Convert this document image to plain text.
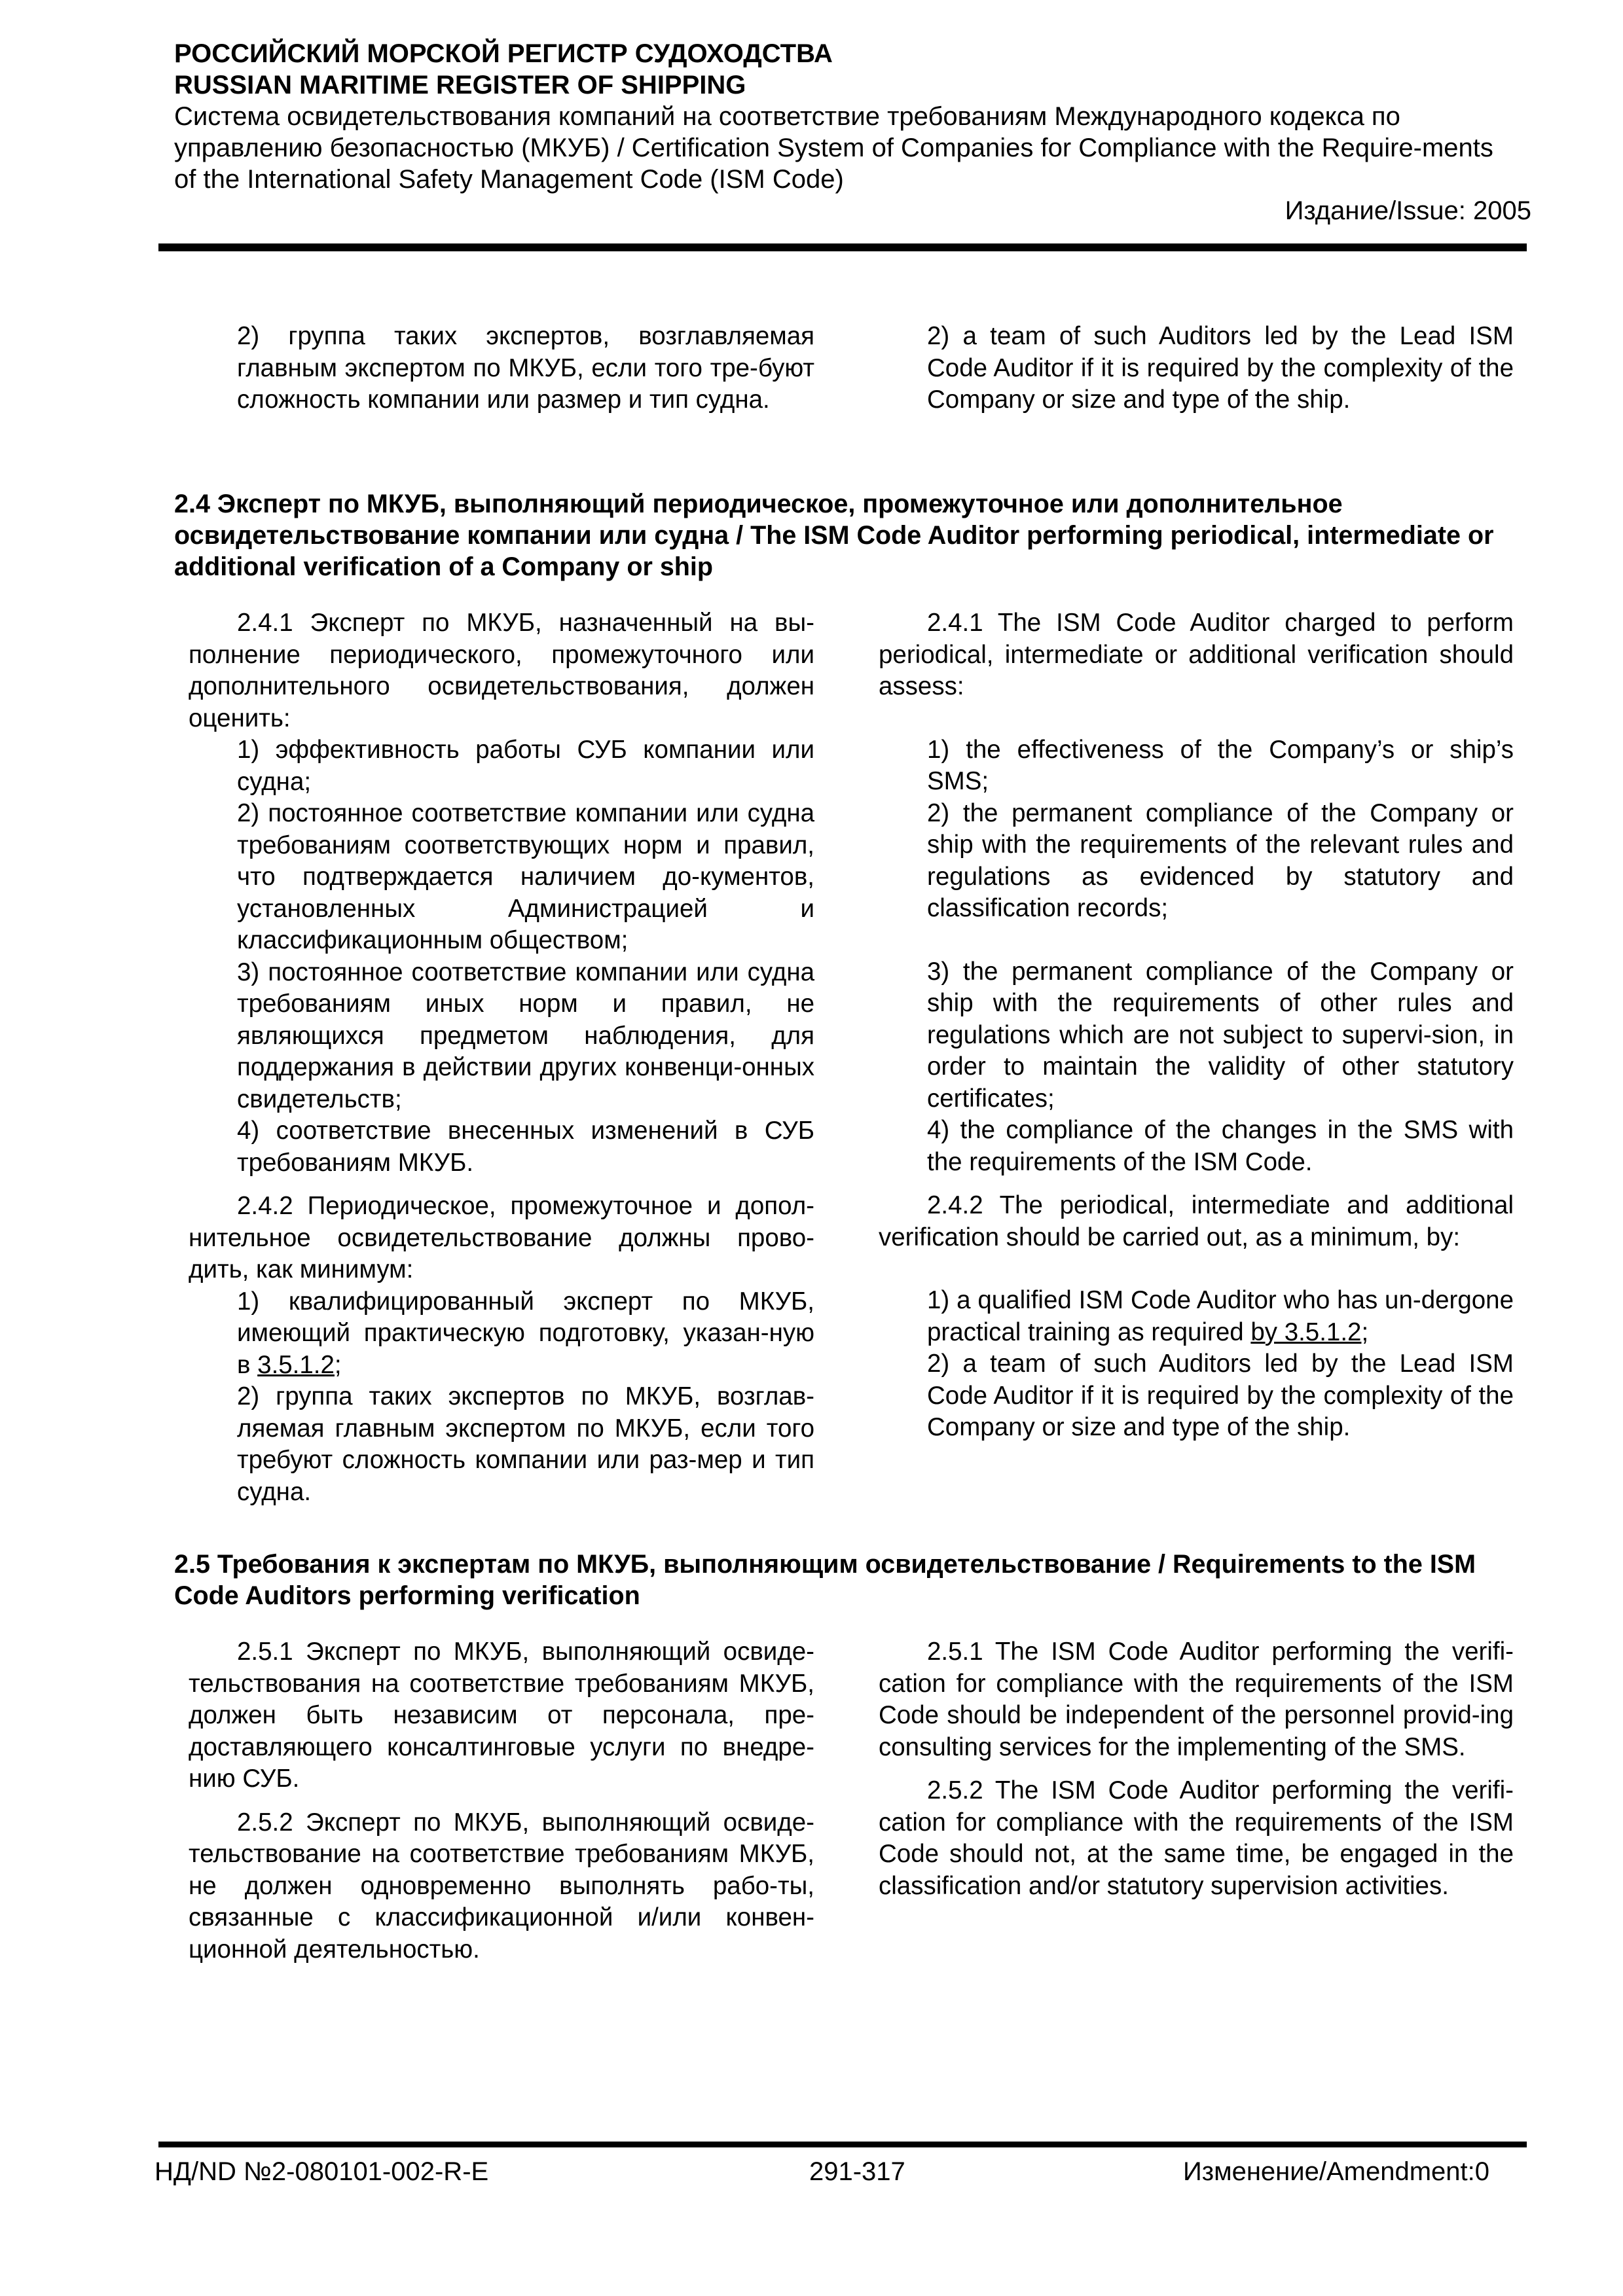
РОССИЙСКИЙ МОРСКОЙ РЕГИСТР СУДОХОДСТВА
RUSSIAN MARITIME REGISTER OF SHIPPING
Система освидетельствования компаний на соответствие требованиям Международного кодекса по управлению безопасностью (МКУБ) / Certification System of Companies for Compliance with the Require-ments of the International Safety Management Code (ISM Code)
Издание/Issue: 2005

2) группа таких экспертов, возглавляемая главным экспертом по МКУБ, если того тре-буют сложность компании или размер и тип судна.

2) a team of such Auditors led by the Lead ISM Code Auditor if it is required by the complexity of the Company or size and type of the ship.

2.4 Эксперт по МКУБ, выполняющий периодическое, промежуточное или дополнительное освидетельствование компании или судна / The ISM Code Auditor performing periodical, intermediate or additional verification of a Company or ship

2.4.1 Эксперт по МКУБ, назначенный на вы-полнение периодического, промежуточного или дополнительного освидетельствования, должен оценить:

1) эффективность работы СУБ компании или судна;

2) постоянное соответствие компании или судна требованиям соответствующих норм и правил, что подтверждается наличием до-кументов, установленных Администрацией и классификационным обществом;

3) постоянное соответствие компании или судна требованиям иных норм и правил, не являющихся предметом наблюдения, для поддержания в действии других конвенци-онных свидетельств;

4) соответствие внесенных изменений в СУБ требованиям МКУБ.

2.4.2 Периодическое, промежуточное и допол-нительное освидетельствование должны прово-дить, как минимум:

1) квалифицированный эксперт по МКУБ, имеющий практическую подготовку, указан-ную в 3.5.1.2;

2) группа таких экспертов по МКУБ, возглав-ляемая главным экспертом по МКУБ, если того требуют сложность компании или раз-мер и тип судна.

2.4.1 The ISM Code Auditor charged to perform periodical, intermediate or additional verification should assess:

1) the effectiveness of the Company’s or ship’s SMS;

2) the permanent compliance of the Company or ship with the requirements of the relevant rules and regulations as evidenced by statutory and classification records;

3) the permanent compliance of the Company or ship with the requirements of other rules and regulations which are not subject to supervi-sion, in order to maintain the validity of other statutory certificates;

4) the compliance of the changes in the SMS with the requirements of the ISM Code.

2.4.2 The periodical, intermediate and additional verification should be carried out, as a minimum, by:

1) a qualified ISM Code Auditor who has un-dergone practical training as required by 3.5.1.2;

2) a team of such Auditors led by the Lead ISM Code Auditor if it is required by the complexity of the Company or size and type of the ship.

2.5 Требования к экспертам по МКУБ, выполняющим освидетельствование / Requirements to the ISM Code Auditors performing verification

2.5.1 Эксперт по МКУБ, выполняющий освиде-тельствования на соответствие требованиям МКУБ, должен быть независим от персонала, пре-доставляющего консалтинговые услуги по внедре-нию СУБ.

2.5.2 Эксперт по МКУБ, выполняющий освиде-тельствование на соответствие требованиям МКУБ, не должен одновременно выполнять рабо-ты, связанные с классификационной и/или конвен-ционной деятельностью.

2.5.1 The ISM Code Auditor performing the verifi-cation for compliance with the requirements of the ISM Code should be independent of the personnel provid-ing consulting services for the implementing of the SMS.

2.5.2 The ISM Code Auditor performing the verifi-cation for compliance with the requirements of the ISM Code should not, at the same time, be engaged in the classification and/or statutory supervision activities.

НД/ND №2-080101-002-R-E	291-317	Изменение/Amendment:0
